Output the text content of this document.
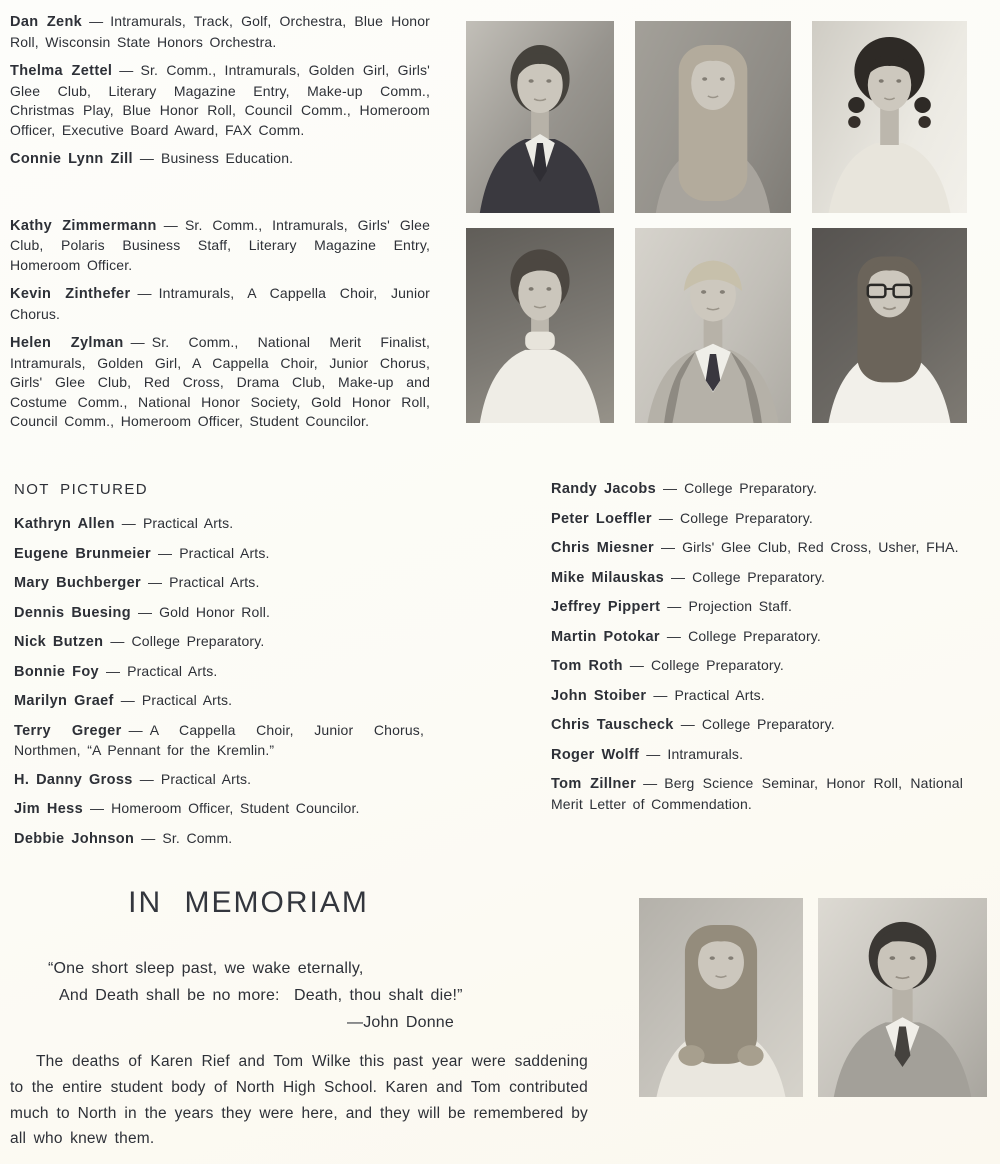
Dan Zenk — Intramurals, Track, Golf, Orchestra, Blue Honor Roll, Wisconsin State Honors Orchestra.

Thelma Zettel — Sr. Comm., Intramurals, Golden Girl, Girls' Glee Club, Literary Magazine Entry, Make-up Comm., Christmas Play, Blue Honor Roll, Council Comm., Homeroom Officer, Executive Board Award, FAX Comm.

Connie Lynn Zill — Business Education.

Kathy Zimmermann — Sr. Comm., Intramurals, Girls' Glee Club, Polaris Business Staff, Literary Magazine Entry, Homeroom Officer.

Kevin Zinthefer — Intramurals, A Cappella Choir, Junior Chorus.

Helen Zylman — Sr. Comm., National Merit Finalist, Intramurals, Golden Girl, A Cappella Choir, Junior Chorus, Girls' Glee Club, Red Cross, Drama Club, Make-up and Costume Comm., National Honor Society, Gold Honor Roll, Council Comm., Homeroom Officer, Student Councilor.

NOT PICTURED

Kathryn Allen — Practical Arts.

Eugene Brunmeier — Practical Arts.

Mary Buchberger — Practical Arts.

Dennis Buesing — Gold Honor Roll.

Nick Butzen — College Preparatory.

Bonnie Foy — Practical Arts.

Marilyn Graef — Practical Arts.

Terry Greger — A Cappella Choir, Junior Chorus, Northmen, “A Pennant for the Kremlin.”

H. Danny Gross — Practical Arts.

Jim Hess — Homeroom Officer, Student Councilor.

Debbie Johnson — Sr. Comm.

Randy Jacobs — College Preparatory.

Peter Loeffler — College Preparatory.

Chris Miesner — Girls' Glee Club, Red Cross, Usher, FHA.

Mike Milauskas — College Preparatory.

Jeffrey Pippert — Projection Staff.

Martin Potokar — College Preparatory.

Tom Roth — College Preparatory.

John Stoiber — Practical Arts.

Chris Tauscheck — College Preparatory.

Roger Wolff — Intramurals.

Tom Zillner — Berg Science Seminar, Honor Roll, National Merit Letter of Commendation.

IN MEMORIAM
“One short sleep past, we wake eternally,
And Death shall be no more:  Death, thou shalt die!”
—John Donne

The deaths of Karen Rief and Tom Wilke this past year were saddening to the entire student body of North High School. Karen and Tom contributed much to North in the years they were here, and they will be remembered by all who knew them.
